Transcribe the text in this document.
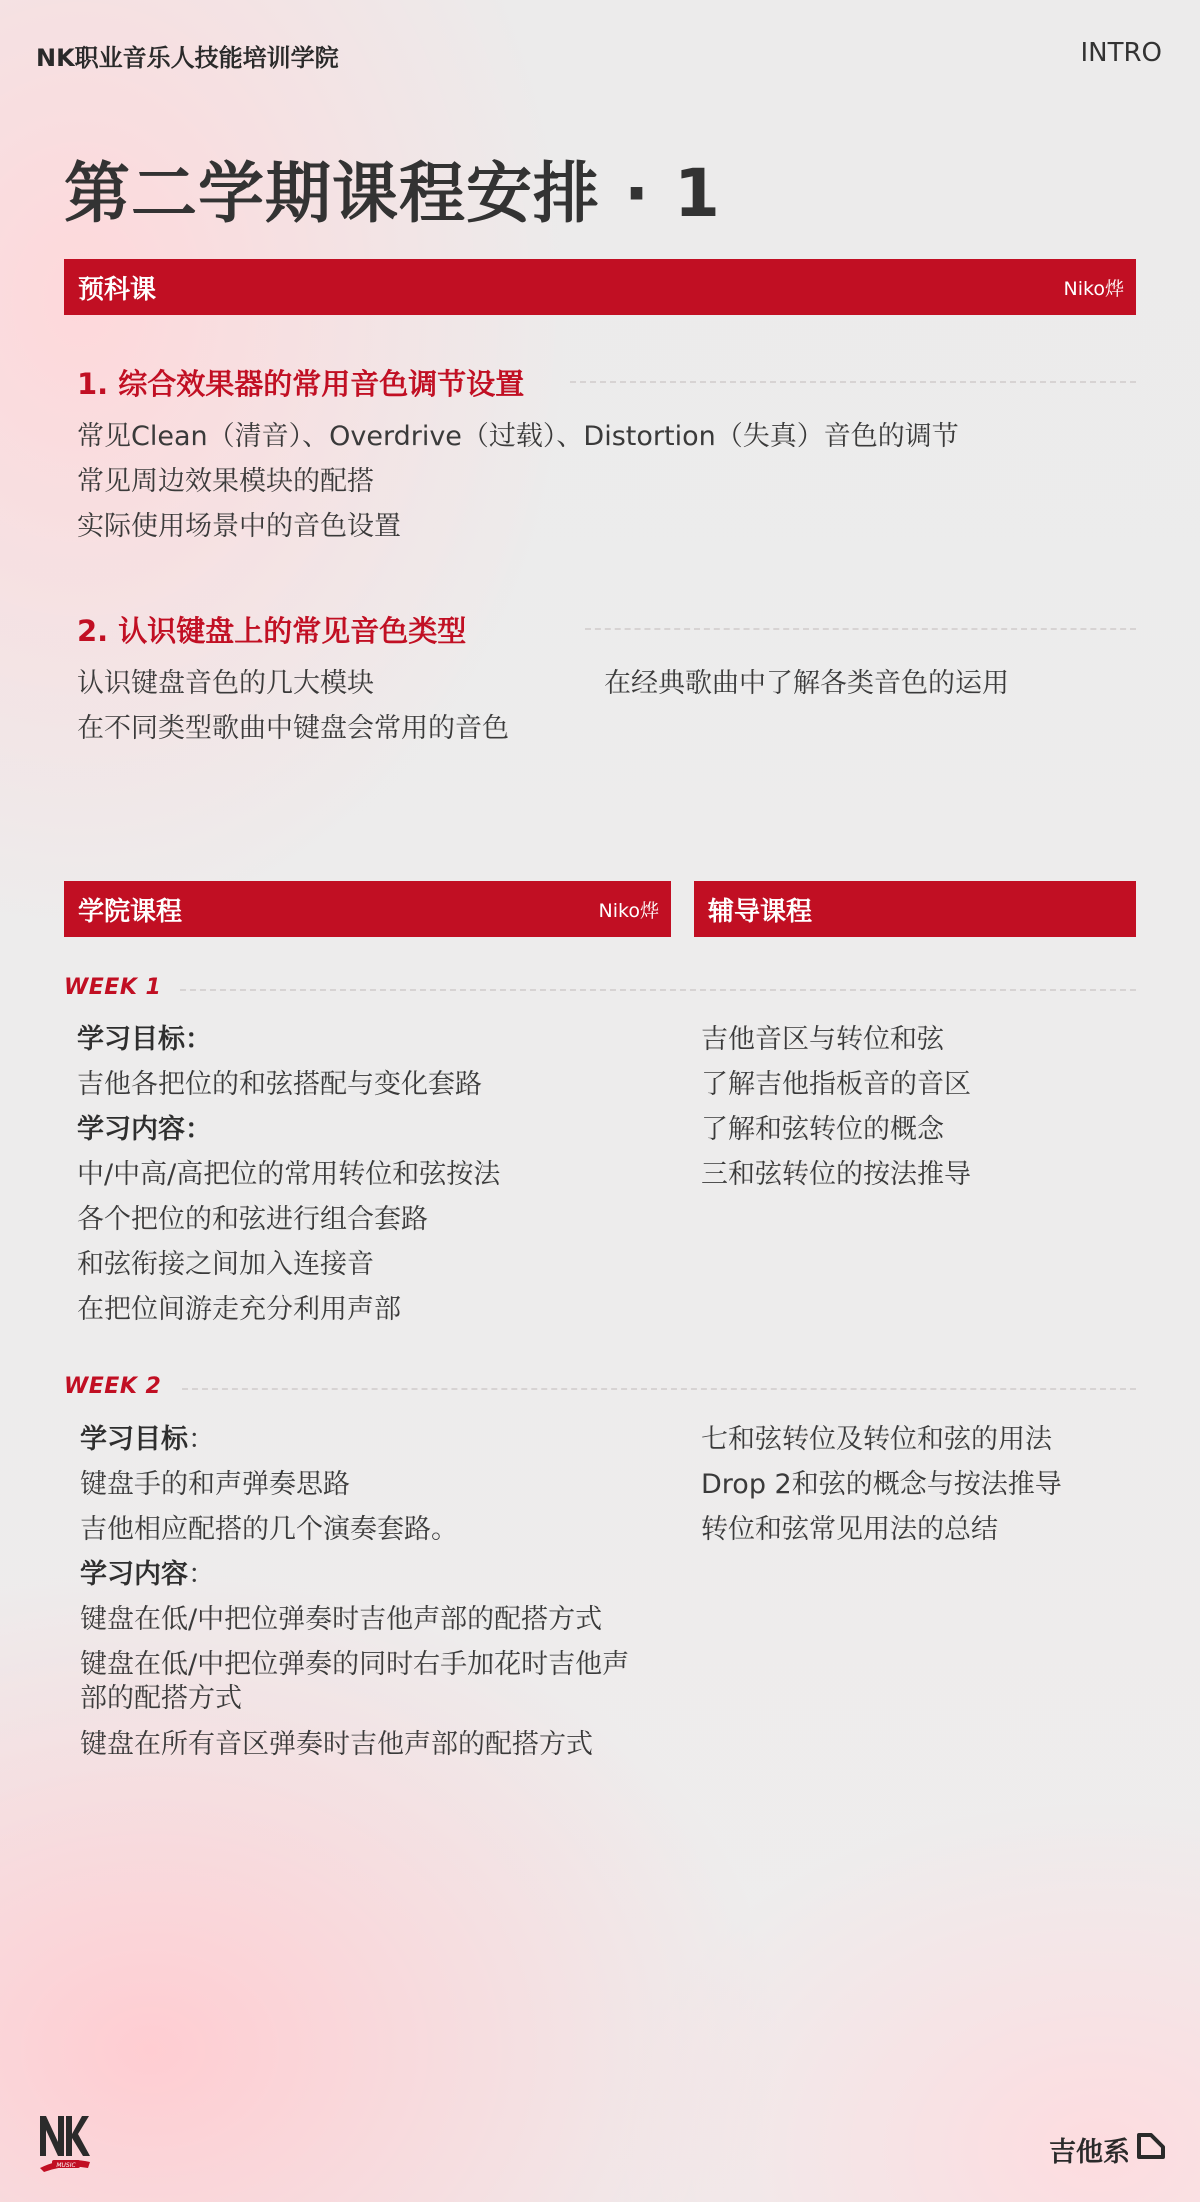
NK职业音乐人技能培训学院	INTRO
第二学期课程安排 · 1
预科课	Niko烨
1. 综合效果器的常用音色调节设置
常见Clean（清音）、Overdrive（过载）、Distortion（失真）音色的调节
常见周边效果模块的配搭
实际使用场景中的音色设置
2. 认识键盘上的常见音色类型
认识键盘音色的几大模块
在不同类型歌曲中键盘会常用的音色
在经典歌曲中了解各类音色的运用
学院课程	Niko烨 辅导课程
WEEK 1
学习目标：
吉他各把位的和弦搭配与变化套路
学习内容：
中/中高/高把位的常用转位和弦按法
各个把位的和弦进行组合套路
和弦衔接之间加入连接音
在把位间游走充分利用声部
吉他音区与转位和弦
了解吉他指板音的音区
了解和弦转位的概念
三和弦转位的按法推导
WEEK 2
学习目标：
键盘手的和声弹奏思路
吉他相应配搭的几个演奏套路。
学习内容：
键盘在低/中把位弹奏时吉他声部的配搭方式
键盘在低/中把位弹奏的同时右手加花时吉他声部的配搭方式
键盘在所有音区弹奏时吉他声部的配搭方式
七和弦转位及转位和弦的用法
Drop 2和弦的概念与按法推导
转位和弦常见用法的总结
MUSIC	吉他系
